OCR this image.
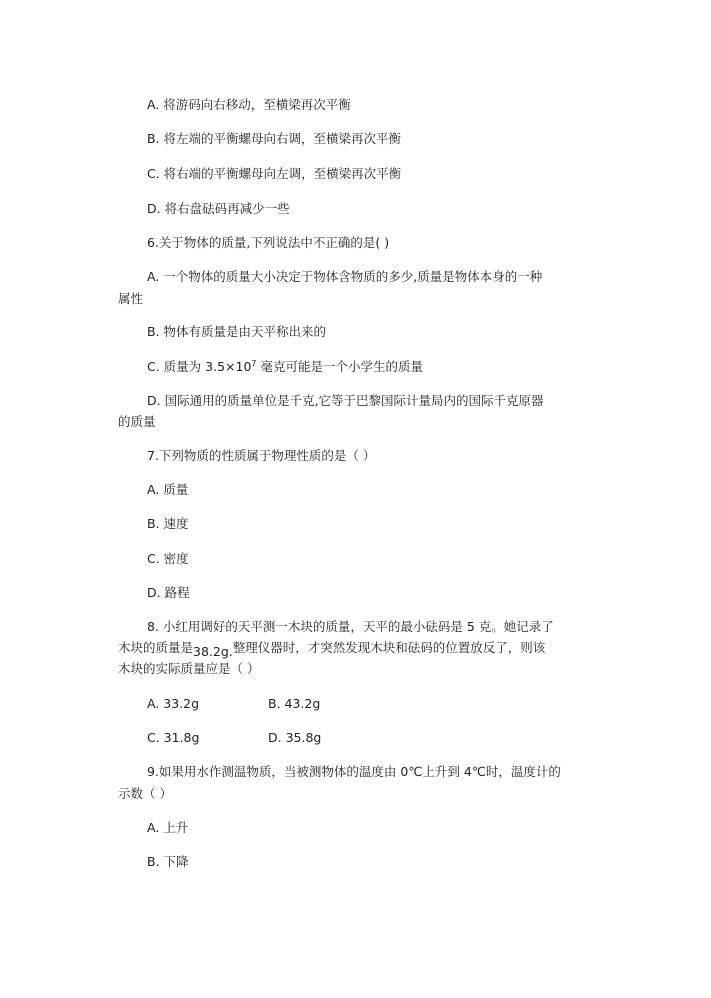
A. 将游码向右移动，至横梁再次平衡
B. 将左端的平衡螺母向右调，至横梁再次平衡
C. 将右端的平衡螺母向左调，至横梁再次平衡
D. 将右盘砝码再减少一些
6.关于物体的质量,下列说法中不正确的是( )
A. 一个物体的质量大小决定于物体含物质的多少,质量是物体本身的一种
属性
B. 物体有质量是由天平称出来的
C. 质量为 $3.5\times 10^7$ 毫克可能是一个小学生的质量
D. 国际通用的质量单位是千克,它等于巴黎国际计量局内的国际千克原器
的质量
7.下列物质的性质属于物理性质的是（ ）
A. 质量
B. 速度
C. 密度
D. 路程
8. 小红用调好的天平测一木块的质量，天平的最小砝码是 5 克。她记录了
木块的质量是38.2g.整理仪器时，才突然发现木块和砝码的位置放反了，则该
木块的实际质量应是（ ）
A. 33.2g	B. 43.2g
C. 31.8g	D. 35.8g
9.如果用水作测温物质，当被测物体的温度由 0℃上升到 4℃时，温度计的
示数（ ）
A. 上升
B. 下降
